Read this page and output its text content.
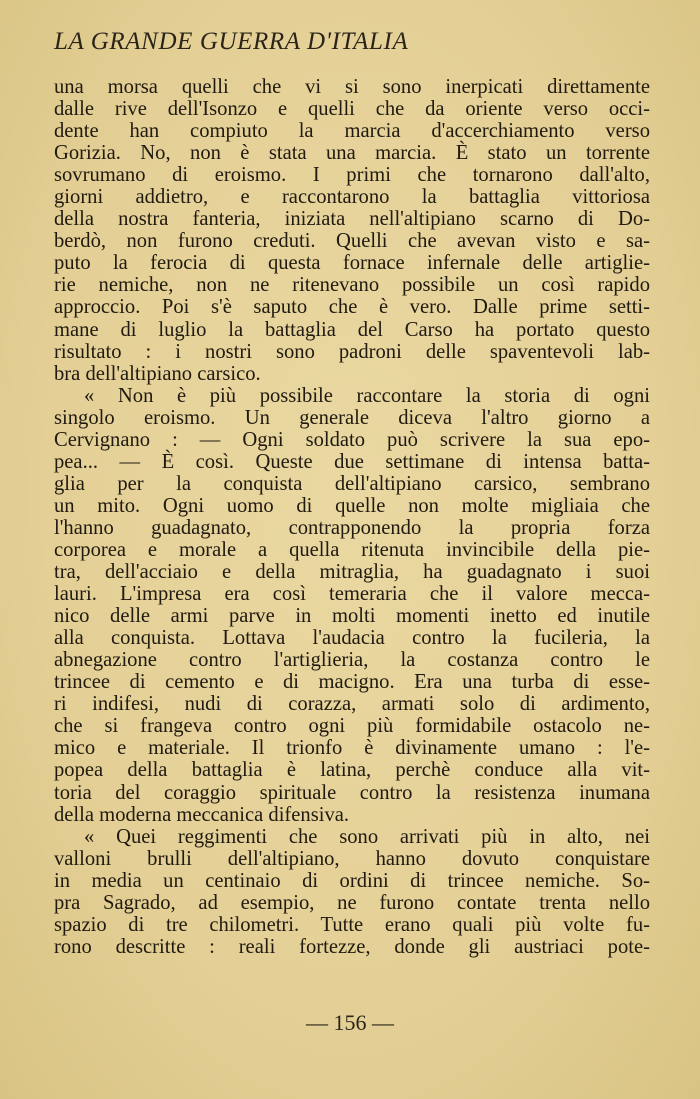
LA GRANDE GUERRA D'ITALIA
una morsa quelli che vi si sono inerpicati direttamente
dalle rive dell'Isonzo e quelli che da oriente verso occi-
dente han compiuto la marcia d'accerchiamento verso
Gorizia. No, non è stata una marcia. È stato un torrente
sovrumano di eroismo. I primi che tornarono dall'alto,
giorni addietro, e raccontarono la battaglia vittoriosa
della nostra fanteria, iniziata nell'altipiano scarno di Do-
berdò, non furono creduti. Quelli che avevan visto e sa-
puto la ferocia di questa fornace infernale delle artiglie-
rie nemiche, non ne ritenevano possibile un così rapido
approccio. Poi s'è saputo che è vero. Dalle prime setti-
mane di luglio la battaglia del Carso ha portato questo
risultato : i nostri sono padroni delle spaventevoli lab-
bra dell'altipiano carsico.
« Non è più possibile raccontare la storia di ogni
singolo eroismo. Un generale diceva l'altro giorno a
Cervignano : — Ogni soldato può scrivere la sua epo-
pea... — È così. Queste due settimane di intensa batta-
glia per la conquista dell'altipiano carsico, sembrano
un mito. Ogni uomo di quelle non molte migliaia che
l'hanno guadagnato, contrapponendo la propria forza
corporea e morale a quella ritenuta invincibile della pie-
tra, dell'acciaio e della mitraglia, ha guadagnato i suoi
lauri. L'impresa era così temeraria che il valore mecca-
nico delle armi parve in molti momenti inetto ed inutile
alla conquista. Lottava l'audacia contro la fucileria, la
abnegazione contro l'artiglieria, la costanza contro le
trincee di cemento e di macigno. Era una turba di esse-
ri indifesi, nudi di corazza, armati solo di ardimento,
che si frangeva contro ogni più formidabile ostacolo ne-
mico e materiale. Il trionfo è divinamente umano : l'e-
popea della battaglia è latina, perchè conduce alla vit-
toria del coraggio spirituale contro la resistenza inumana
della moderna meccanica difensiva.
« Quei reggimenti che sono arrivati più in alto, nei
valloni brulli dell'altipiano, hanno dovuto conquistare
in media un centinaio di ordini di trincee nemiche. So-
pra Sagrado, ad esempio, ne furono contate trenta nello
spazio di tre chilometri. Tutte erano quali più volte fu-
rono descritte : reali fortezze, donde gli austriaci pote-
— 156 —
